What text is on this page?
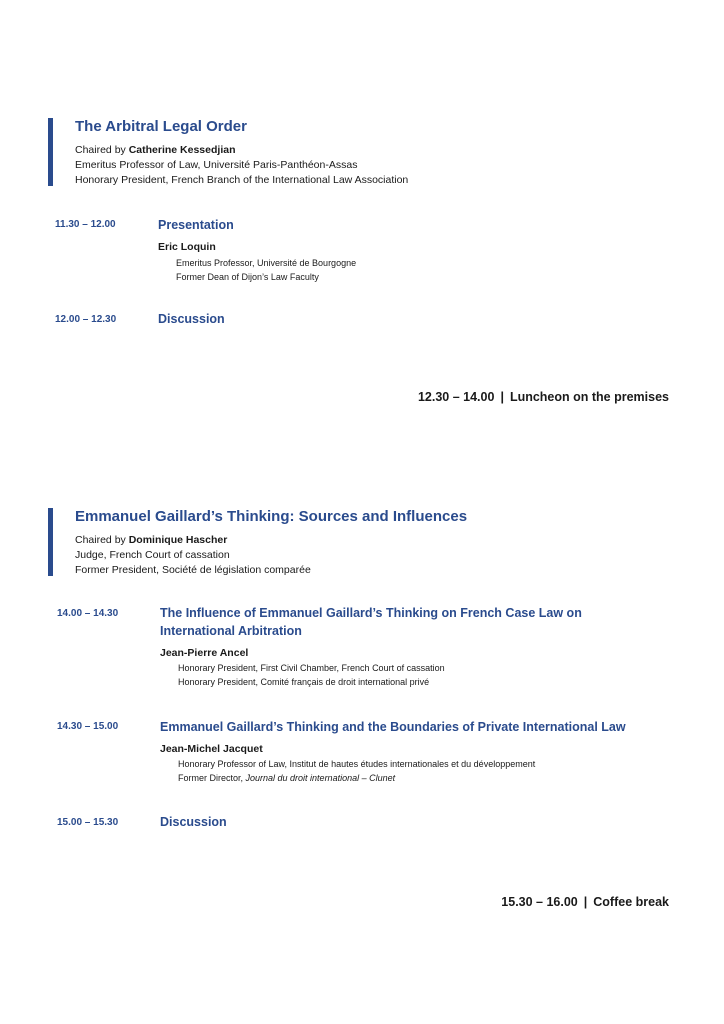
The Arbitral Legal Order
Chaired by Catherine Kessedjian
Emeritus Professor of Law, Université Paris-Panthéon-Assas
Honorary President, French Branch of the International Law Association
11.30 – 12.00	Presentation
Eric Loquin
Emeritus Professor, Université de Bourgogne
Former Dean of Dijon’s Law Faculty
12.00 – 12.30	Discussion
12.30 – 14.00 | Luncheon on the premises
Emmanuel Gaillard’s Thinking: Sources and Influences
Chaired by Dominique Hascher
Judge, French Court of cassation
Former President, Société de législation comparée
14.00 – 14.30	The Influence of Emmanuel Gaillard’s Thinking on French Case Law on International Arbitration
Jean-Pierre Ancel
Honorary President, First Civil Chamber, French Court of cassation
Honorary President, Comité français de droit international privé
14.30 – 15.00	Emmanuel Gaillard’s Thinking and the Boundaries of Private International Law
Jean-Michel Jacquet
Honorary Professor of Law, Institut de hautes études internationales et du développement
Former Director, Journal du droit international – Clunet
15.00 – 15.30	Discussion
15.30 – 16.00 | Coffee break
